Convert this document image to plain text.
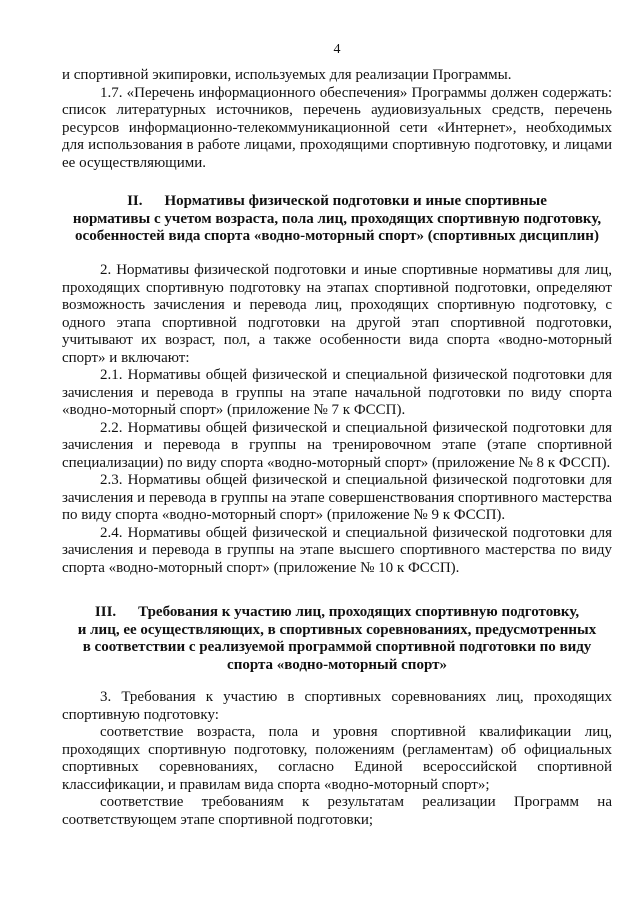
4

и спортивной экипировки, используемых для реализации Программы.

1.7. «Перечень информационного обеспечения» Программы должен содержать: список литературных источников, перечень аудиовизуальных средств, перечень ресурсов информационно-телекоммуникационной сети «Интернет», необходимых для использования в работе лицами, проходящими спортивную подготовку, и лицами ее осуществляющими.

II. Нормативы физической подготовки и иные спортивные
нормативы с учетом возраста, пола лиц, проходящих спортивную подготовку,
особенностей вида спорта «водно-моторный спорт» (спортивных дисциплин)

2. Нормативы физической подготовки и иные спортивные нормативы для лиц, проходящих спортивную подготовку на этапах спортивной подготовки, определяют возможность зачисления и перевода лиц, проходящих спортивную подготовку, с одного этапа спортивной подготовки на другой этап спортивной подготовки, учитывают их возраст, пол, а также особенности вида спорта «водно-моторный спорт» и включают:

2.1. Нормативы общей физической и специальной физической подготовки для зачисления и перевода в группы на этапе начальной подготовки по виду спорта «водно-моторный спорт» (приложение № 7 к ФССП).

2.2. Нормативы общей физической и специальной физической подготовки для зачисления и перевода в группы на тренировочном этапе (этапе спортивной специализации) по виду спорта «водно-моторный спорт» (приложение № 8 к ФССП).

2.3. Нормативы общей физической и специальной физической подготовки для зачисления и перевода в группы на этапе совершенствования спортивного мастерства по виду спорта «водно-моторный спорт» (приложение № 9 к ФССП).

2.4. Нормативы общей физической и специальной физической подготовки для зачисления и перевода в группы на этапе высшего спортивного мастерства по виду спорта «водно-моторный спорт» (приложение № 10 к ФССП).

III. Требования к участию лиц, проходящих спортивную подготовку,
и лиц, ее осуществляющих, в спортивных соревнованиях, предусмотренных
в соответствии с реализуемой программой спортивной подготовки по виду
спорта «водно-моторный спорт»

3. Требования к участию в спортивных соревнованиях лиц, проходящих спортивную подготовку:

соответствие возраста, пола и уровня спортивной квалификации лиц, проходящих спортивную подготовку, положениям (регламентам) об официальных спортивных соревнованиях, согласно Единой всероссийской спортивной классификации, и правилам вида спорта «водно-моторный спорт»;

соответствие требованиям к результатам реализации Программ на соответствующем этапе спортивной подготовки;
